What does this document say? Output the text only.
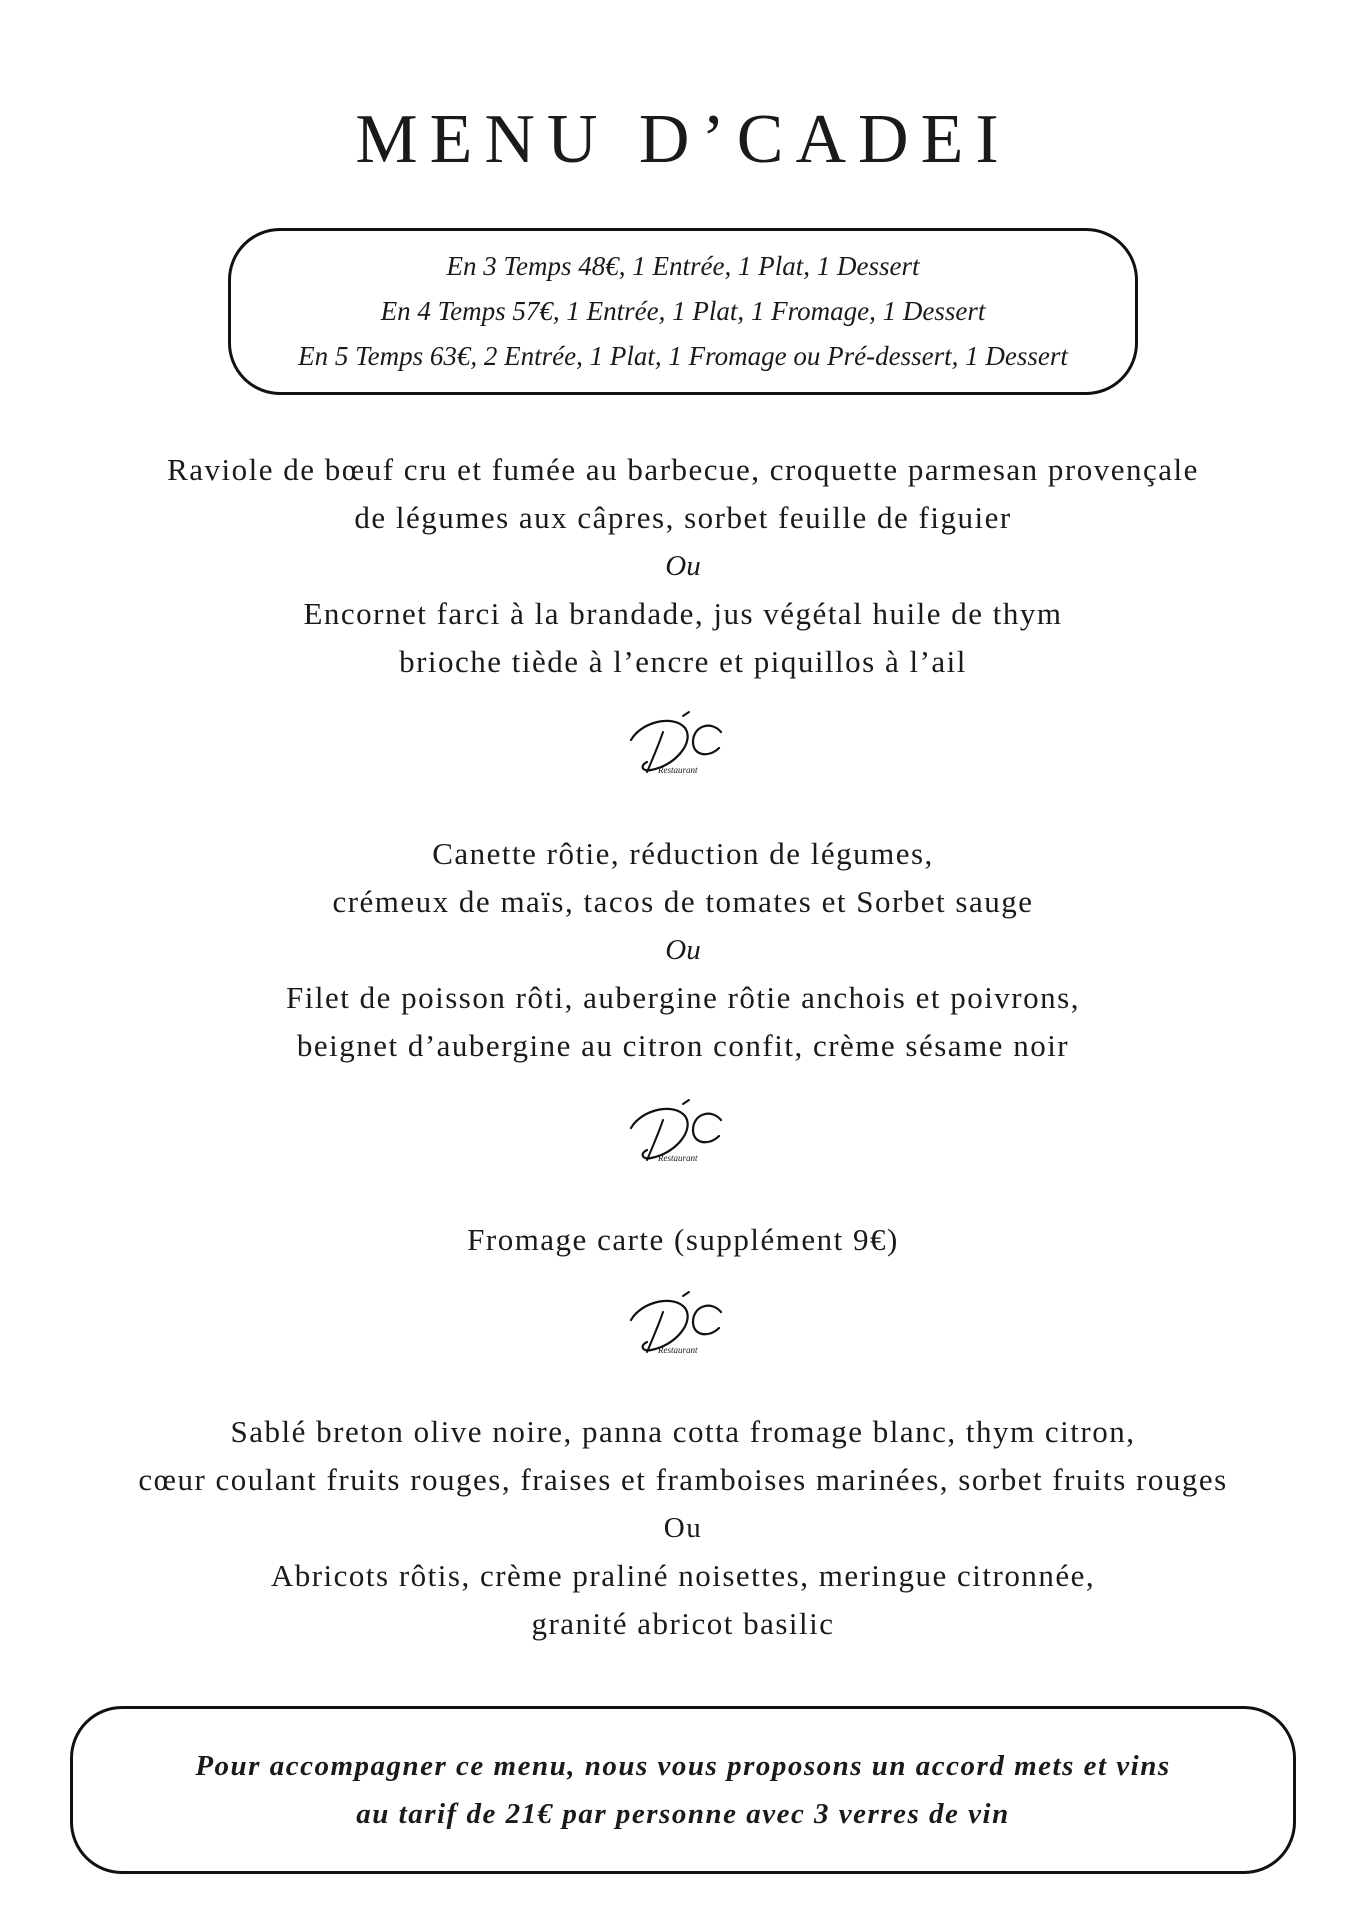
MENU D’CADEI
En 3 Temps 48€, 1 Entrée, 1 Plat, 1 Dessert
En 4 Temps 57€, 1 Entrée, 1 Plat, 1 Fromage, 1 Dessert
En 5 Temps 63€, 2 Entrée, 1 Plat, 1 Fromage ou Pré-dessert, 1 Dessert
Raviole de bœuf cru et fumée au barbecue, croquette parmesan provençale
de légumes aux câpres, sorbet feuille de figuier
Ou
Encornet farci à la brandade, jus végétal huile de thym
brioche tiède à l’encre et piquillos à l’ail
Restaurant
Canette rôtie, réduction de légumes,
crémeux de maïs, tacos de tomates et Sorbet sauge
Ou
Filet de poisson rôti, aubergine rôtie anchois et poivrons,
beignet d’aubergine au citron confit, crème sésame noir
Restaurant
Fromage carte (supplément 9€)
Restaurant
Sablé breton olive noire, panna cotta fromage blanc, thym citron,
cœur coulant fruits rouges, fraises et framboises marinées, sorbet fruits rouges
Ou
Abricots rôtis, crème praliné noisettes, meringue citronnée,
granité abricot basilic
Pour accompagner ce menu, nous vous proposons un accord mets et vins
au tarif de 21€ par personne avec 3 verres de vin
